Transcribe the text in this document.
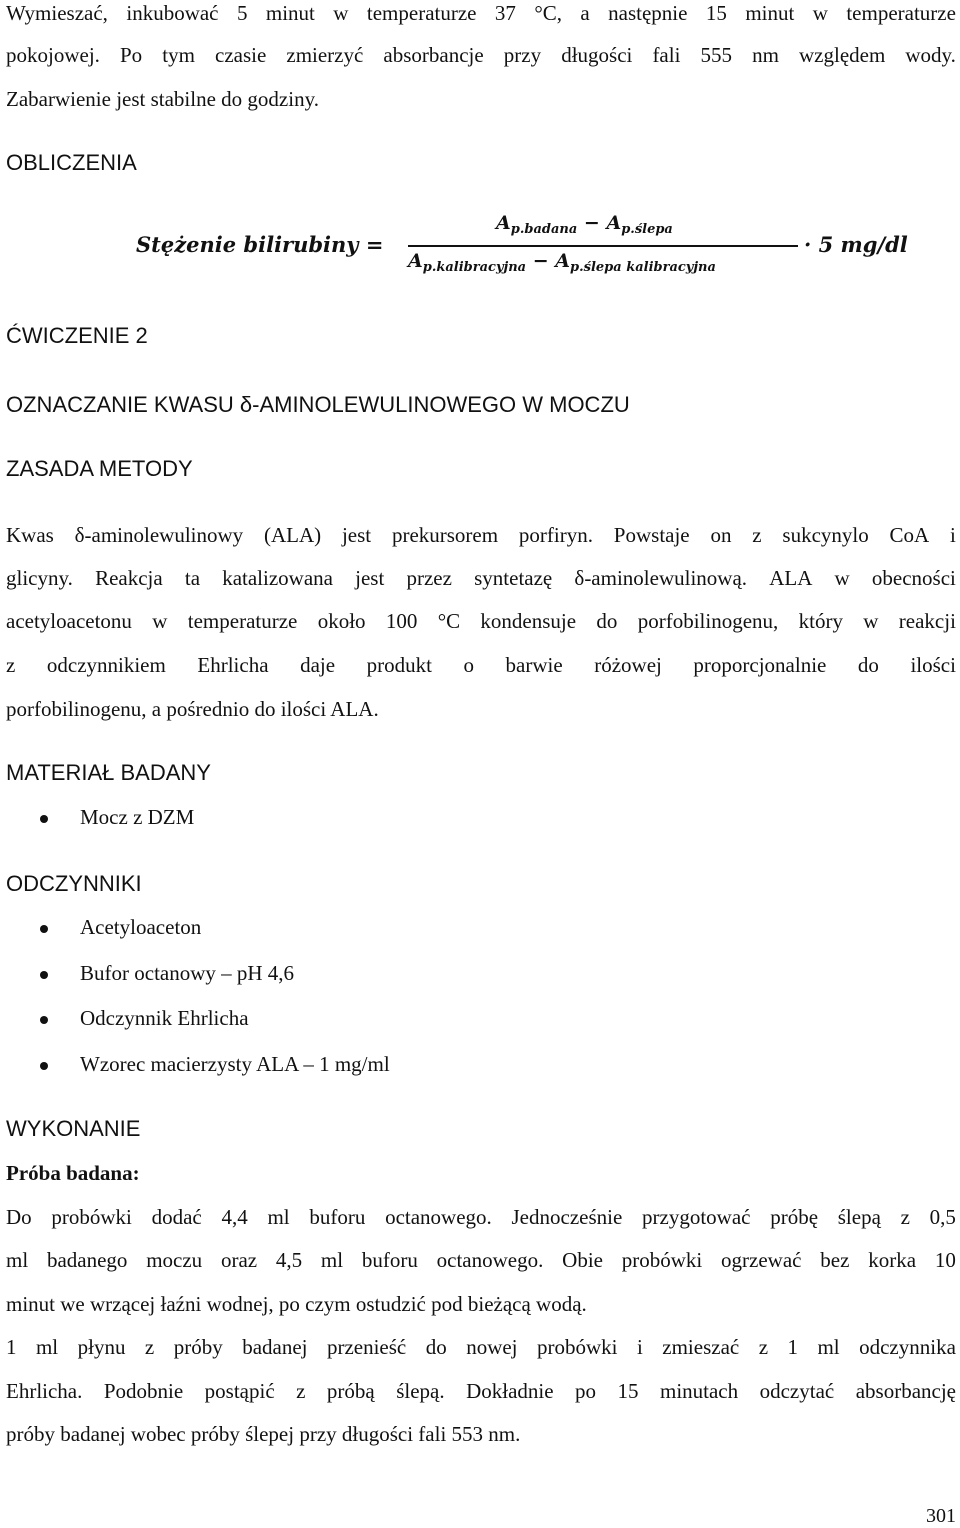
Wymieszać, inkubować 5 minut w temperaturze 37 °C, a następnie 15 minut w temperaturze
pokojowej. Po tym czasie zmierzyć absorbancje przy długości fali 555 nm względem wody.
Zabarwienie jest stabilne do godziny.
OBLICZENIA
Stężenie bilirubiny =
$A_{p.badana} - A_{p.ślepa}$
$A_{p.kalibracyjna} - A_{p.ślepa kalibracyjna}$
· 5 mg/dl
ĆWICZENIE 2
OZNACZANIE KWASU δ-AMINOLEWULINOWEGO W MOCZU
ZASADA METODY
Kwas δ-aminolewulinowy (ALA) jest prekursorem porfiryn. Powstaje on z sukcynylo CoA i
glicyny. Reakcja ta katalizowana jest przez syntetazę δ-aminolewulinową. ALA w obecności
acetyloacetonu w temperaturze około 100 °C kondensuje do porfobilinogenu, który w reakcji
z odczynnikiem Ehrlicha daje produkt o barwie różowej proporcjonalnie do ilości
porfobilinogenu, a pośrednio do ilości ALA.
MATERIAŁ BADANY
Mocz z DZM
ODCZYNNIKI
Acetyloaceton
Bufor octanowy – pH 4,6
Odczynnik Ehrlicha
Wzorec macierzysty ALA – 1 mg/ml
WYKONANIE
Próba badana:
Do probówki dodać 4,4 ml buforu octanowego. Jednocześnie przygotować próbę ślepą z 0,5
ml badanego moczu oraz 4,5 ml buforu octanowego. Obie probówki ogrzewać bez korka 10
minut we wrzącej łaźni wodnej, po czym ostudzić pod bieżącą wodą.
1 ml płynu z próby badanej przenieść do nowej probówki i zmieszać z 1 ml odczynnika
Ehrlicha. Podobnie postąpić z próbą ślepą. Dokładnie po 15 minutach odczytać absorbancję
próby badanej wobec próby ślepej przy długości fali 553 nm.
301
